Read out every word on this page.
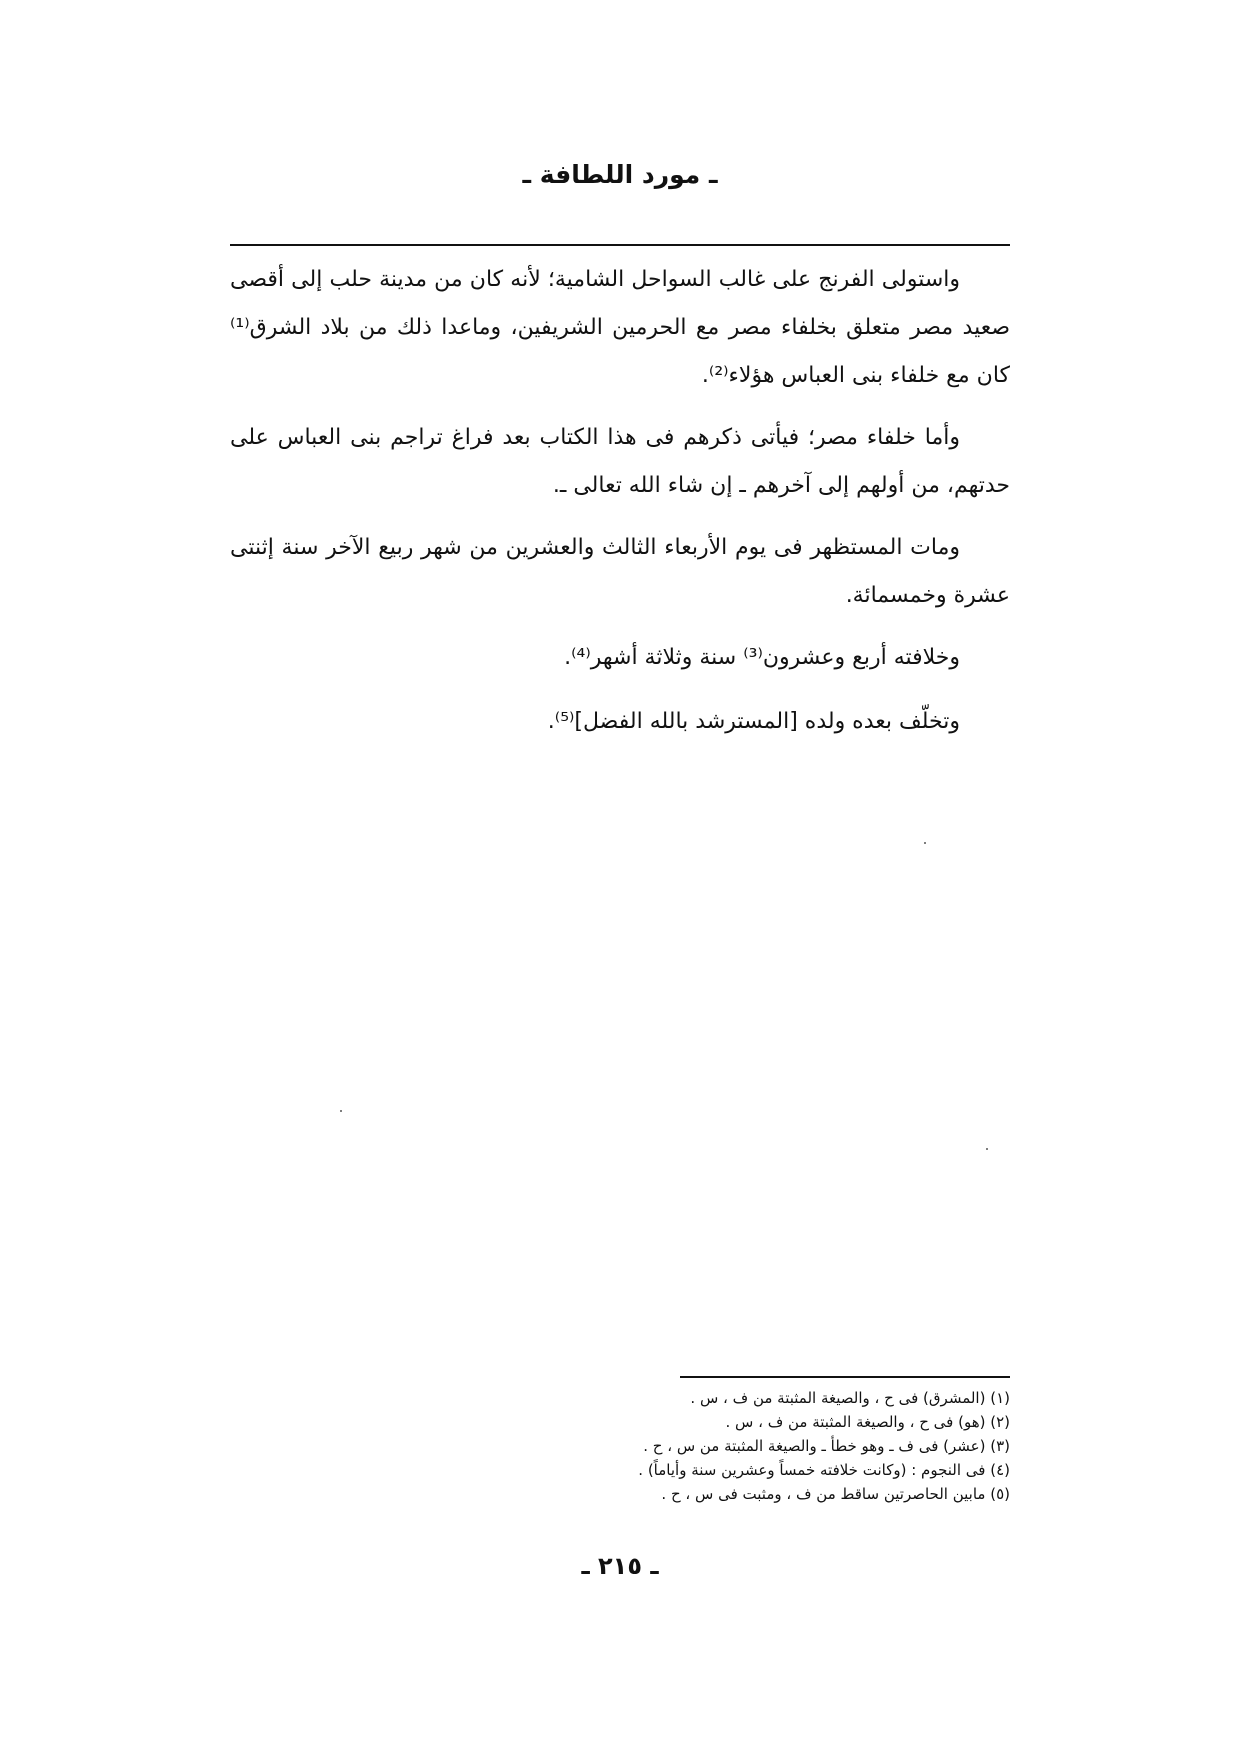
ـ مورد اللطافة ـ

واستولى الفرنج على غالب السواحل الشامية؛ لأنه كان من مدينة حلب إلى أقصى صعيد مصر متعلق بخلفاء مصر مع الحرمين الشريفين، وماعدا ذلك من بلاد الشرق⁽¹⁾ كان مع خلفاء بنى العباس هؤلاء⁽²⁾.

وأما خلفاء مصر؛ فيأتى ذكرهم فى هذا الكتاب بعد فراغ تراجم بنى العباس على حدتهم، من أولهم إلى آخرهم ـ إن شاء الله تعالى ـ.

ومات المستظهر فى يوم الأربعاء الثالث والعشرين من شهر ربيع الآخر سنة إثنتى عشرة وخمسمائة.

وخلافته أربع وعشرون⁽³⁾ سنة وثلاثة أشهر⁽⁴⁾.

وتخلّف بعده ولده [المسترشد بالله الفضل]⁽⁵⁾.

(١) (المشرق) فى ح ، والصيغة المثبتة من ف ، س .
(٢) (هو) فى ح ، والصيغة المثبتة من ف ، س .
(٣) (عشر) فى ف ـ وهو خطأ ـ والصيغة المثبتة من س ، ح .
(٤) فى النجوم : (وكانت خلافته خمساً وعشرين سنة وأياماً) .
(٥) مابين الحاصرتين ساقط من ف ، ومثبت فى س ، ح .
ـ ٢١٥ ـ
